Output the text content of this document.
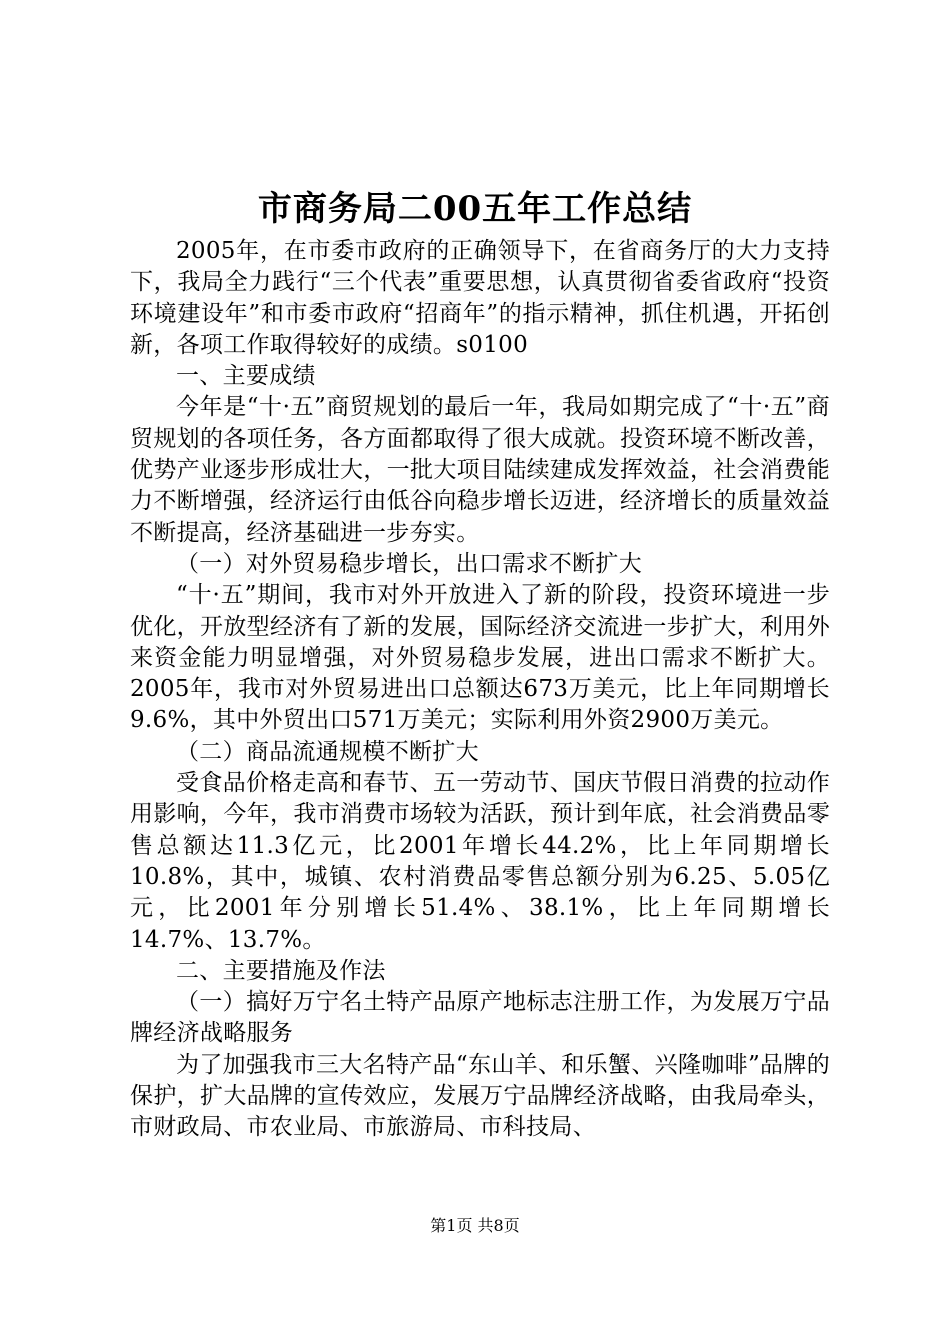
市商务局二00五年工作总结

2005年，在市委市政府的正确领导下，在省商务厅的大力支持下，我局全力践行“三个代表”重要思想，认真贯彻省委省政府“投资环境建设年”和市委市政府“招商年”的指示精神，抓住机遇，开拓创新，各项工作取得较好的成绩。s0100

一、主要成绩

今年是“十·五”商贸规划的最后一年，我局如期完成了“十·五”商贸规划的各项任务，各方面都取得了很大成就。投资环境不断改善，优势产业逐步形成壮大，一批大项目陆续建成发挥效益，社会消费能力不断增强，经济运行由低谷向稳步增长迈进，经济增长的质量效益不断提高，经济基础进一步夯实。

（一）对外贸易稳步增长，出口需求不断扩大

“十·五”期间，我市对外开放进入了新的阶段，投资环境进一步优化，开放型经济有了新的发展，国际经济交流进一步扩大，利用外来资金能力明显增强，对外贸易稳步发展，进出口需求不断扩大。2005年，我市对外贸易进出口总额达673万美元，比上年同期增长9.6%，其中外贸出口571万美元；实际利用外资2900万美元。

（二）商品流通规模不断扩大

受食品价格走高和春节、五一劳动节、国庆节假日消费的拉动作用影响，今年，我市消费市场较为活跃，预计到年底，社会消费品零售总额达11.3亿元，比2001年增长44.2%，比上年同期增长10.8%，其中，城镇、农村消费品零售总额分别为6.25、5.05亿元，比2001年分别增长51.4%、38.1%，比上年同期增长14.7%、13.7%。

二、主要措施及作法

（一）搞好万宁名土特产品原产地标志注册工作，为发展万宁品牌经济战略服务

为了加强我市三大名特产品“东山羊、和乐蟹、兴隆咖啡”品牌的保护，扩大品牌的宣传效应，发展万宁品牌经济战略，由我局牵头，市财政局、市农业局、市旅游局、市科技局、

第1页 共8页
